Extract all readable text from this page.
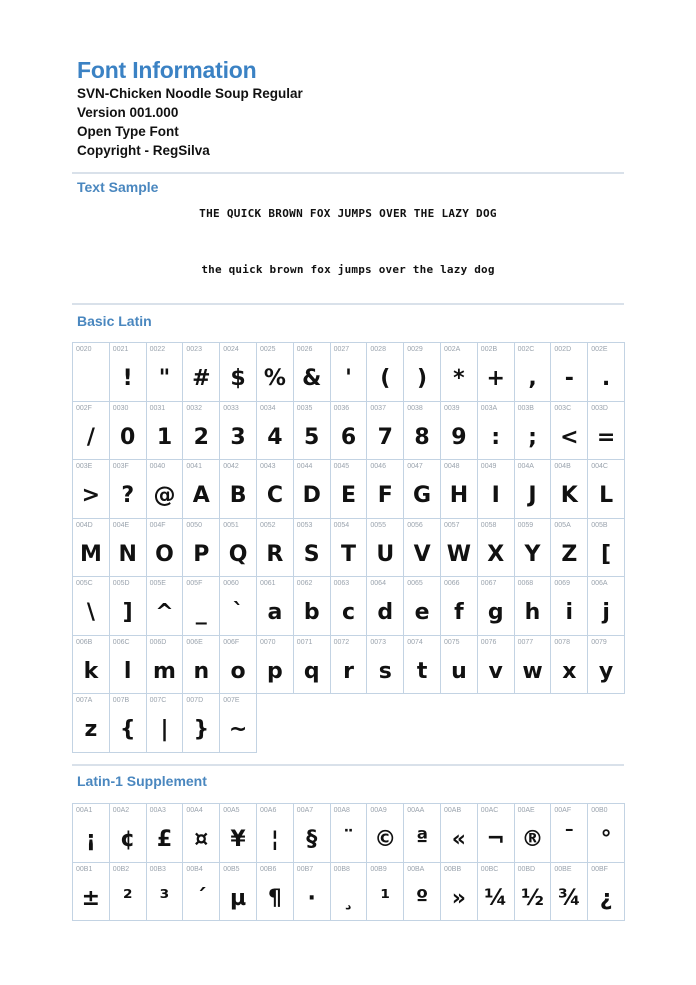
Font Information
SVN-Chicken Noodle Soup Regular
Version 001.000
Open Type Font
Copyright - RegSilva
Text Sample
THE QUICK BROWN FOX JUMPS OVER THE LAZY DOG
the quick brown fox jumps over the lazy dog
Basic Latin
0020	0021
!
0022
"
0023
#
0024
$
0025
%
0026
&
0027
'
0028
(
0029
)
002A
*
002B
+
002C
,
002D
-
002E
.
002F
/
0030
0
0031
1
0032
2
0033
3
0034
4
0035
5
0036
6
0037
7
0038
8
0039
9
003A
:
003B
;
003C
<
003D
=
003E
>
003F
?
0040
@
0041
A
0042
B
0043
C
0044
D
0045
E
0046
F
0047
G
0048
H
0049
I
004A
J
004B
K
004C
L
004D
M
004E
N
004F
O
0050
P
0051
Q
0052
R
0053
S
0054
T
0055
U
0056
V
0057
W
0058
X
0059
Y
005A
Z
005B
[
005C
\
005D
]
005E
^
005F
_
0060
`
0061
a
0062
b
0063
c
0064
d
0065
e
0066
f
0067
g
0068
h
0069
i
006A
j
006B
k
006C
l
006D
m
006E
n
006F
o
0070
p
0071
q
0072
r
0073
s
0074
t
0075
u
0076
v
0077
w
0078
x
0079
y
007A
z
007B
{
007C
|
007D
}
007E
~
Latin-1 Supplement
00A1
¡
00A2
¢
00A3
£
00A4
¤
00A5
¥
00A6
¦
00A7
§
00A8
¨
00A9
©
00AA
ª
00AB
«
00AC
¬
00AE
®
00AF
¯
00B0
°
00B1
±
00B2
²
00B3
³
00B4
´
00B5
µ
00B6
¶
00B7
·
00B8
¸
00B9
¹
00BA
º
00BB
»
00BC
¼
00BD
½
00BE
¾
00BF
¿
